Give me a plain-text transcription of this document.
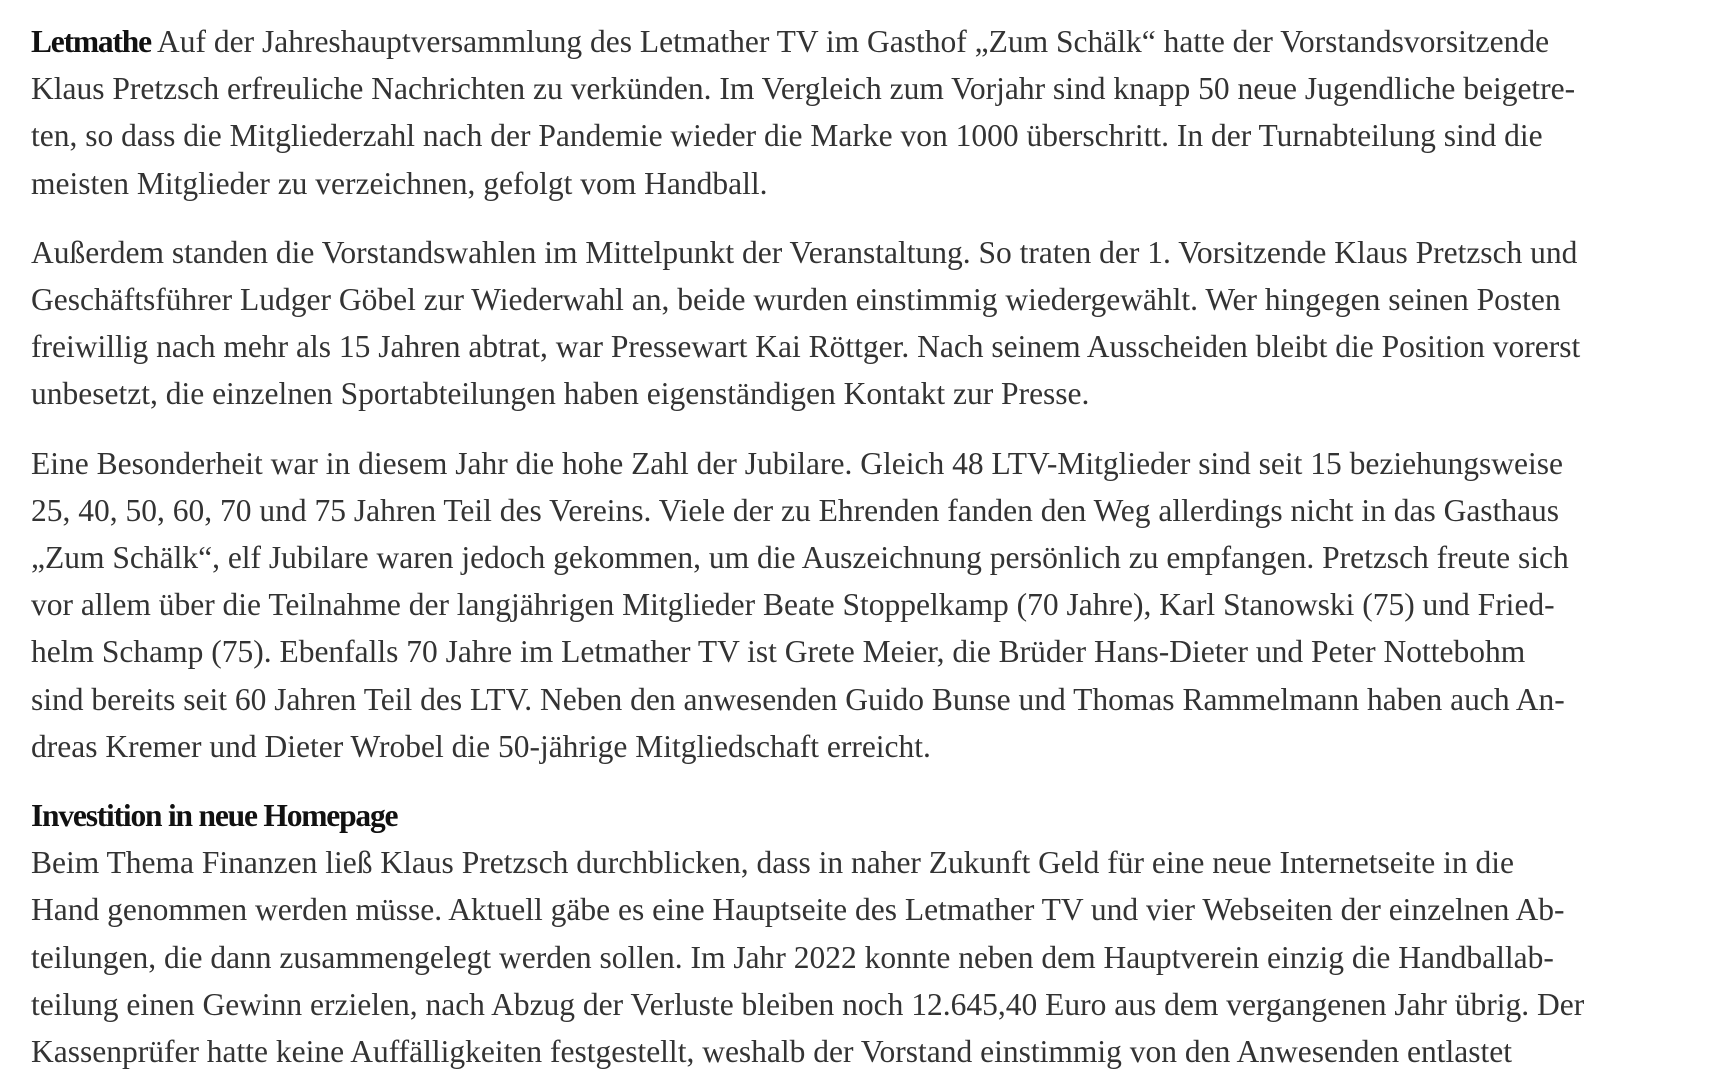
Letmathe Auf der Jahreshauptversammlung des Letmather TV im Gasthof „Zum Schälk“ hatte der Vorstandsvorsitzende
Klaus Pretzsch erfreuliche Nachrichten zu verkünden. Im Vergleich zum Vorjahr sind knapp 50 neue Jugendliche beigetre-
ten, so dass die Mitgliederzahl nach der Pandemie wieder die Marke von 1000 überschritt. In der Turnabteilung sind die
meisten Mitglieder zu verzeichnen, gefolgt vom Handball.

Außerdem standen die Vorstandswahlen im Mittelpunkt der Veranstaltung. So traten der 1. Vorsitzende Klaus Pretzsch und
Geschäftsführer Ludger Göbel zur Wiederwahl an, beide wurden einstimmig wiedergewählt. Wer hingegen seinen Posten
freiwillig nach mehr als 15 Jahren abtrat, war Pressewart Kai Röttger. Nach seinem Ausscheiden bleibt die Position vorerst
unbesetzt, die einzelnen Sportabteilungen haben eigenständigen Kontakt zur Presse.

Eine Besonderheit war in diesem Jahr die hohe Zahl der Jubilare. Gleich 48 LTV-Mitglieder sind seit 15 beziehungsweise
25, 40, 50, 60, 70 und 75 Jahren Teil des Vereins. Viele der zu Ehrenden fanden den Weg allerdings nicht in das Gasthaus
„Zum Schälk“, elf Jubilare waren jedoch gekommen, um die Auszeichnung persönlich zu empfangen. Pretzsch freute sich
vor allem über die Teilnahme der langjährigen Mitglieder Beate Stoppelkamp (70 Jahre), Karl Stanowski (75) und Fried-
helm Schamp (75). Ebenfalls 70 Jahre im Letmather TV ist Grete Meier, die Brüder Hans-Dieter und Peter Nottebohm
sind bereits seit 60 Jahren Teil des LTV. Neben den anwesenden Guido Bunse und Thomas Rammelmann haben auch An-
dreas Kremer und Dieter Wrobel die 50-jährige Mitgliedschaft erreicht.

Investition in neue Homepage

Beim Thema Finanzen ließ Klaus Pretzsch durchblicken, dass in naher Zukunft Geld für eine neue Internetseite in die
Hand genommen werden müsse. Aktuell gäbe es eine Hauptseite des Letmather TV und vier Webseiten der einzelnen Ab-
teilungen, die dann zusammengelegt werden sollen. Im Jahr 2022 konnte neben dem Hauptverein einzig die Handballab-
teilung einen Gewinn erzielen, nach Abzug der Verluste bleiben noch 12.645,40 Euro aus dem vergangenen Jahr übrig. Der
Kassenprüfer hatte keine Auffälligkeiten festgestellt, weshalb der Vorstand einstimmig von den Anwesenden entlastet
